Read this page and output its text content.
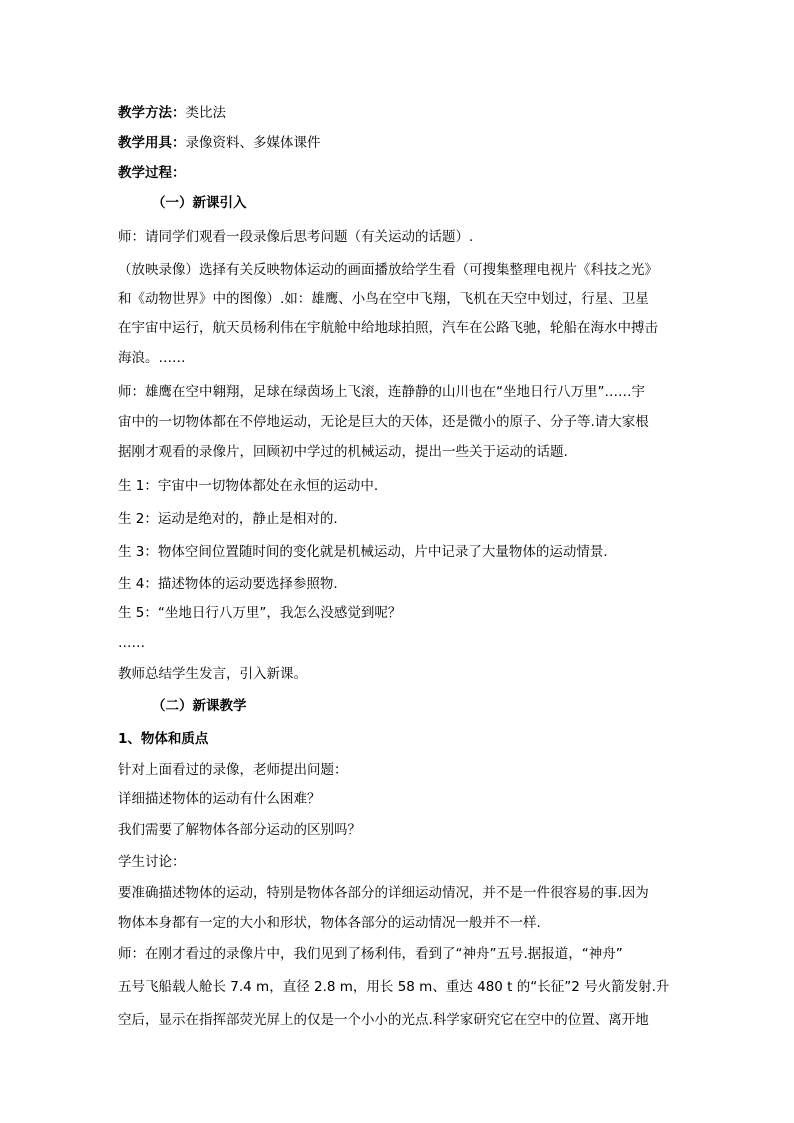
教学方法：类比法
教学用具：录像资料、多媒体课件
教学过程：
（一）新课引入
师：请同学们观看一段录像后思考问题（有关运动的话题）.
（放映录像）选择有关反映物体运动的画面播放给学生看（可搜集整理电视片《科技之光》
和《动物世界》中的图像）.如：雄鹰、小鸟在空中飞翔，飞机在天空中划过，行星、卫星
在宇宙中运行，航天员杨利伟在宇航舱中给地球拍照，汽车在公路飞驰，轮船在海水中搏击
海浪。……
师：雄鹰在空中翱翔，足球在绿茵场上飞滚，连静静的山川也在“坐地日行八万里”……宇
宙中的一切物体都在不停地运动，无论是巨大的天体，还是微小的原子、分子等.请大家根
据刚才观看的录像片，回顾初中学过的机械运动，提出一些关于运动的话题.
生 1：宇宙中一切物体都处在永恒的运动中.
生 2：运动是绝对的，静止是相对的.
生 3：物体空间位置随时间的变化就是机械运动，片中记录了大量物体的运动情景.
生 4：描述物体的运动要选择参照物.
生 5：“坐地日行八万里”，我怎么没感觉到呢？
……
教师总结学生发言，引入新课。
（二）新课教学
1、物体和质点
针对上面看过的录像，老师提出问题：
详细描述物体的运动有什么困难？
我们需要了解物体各部分运动的区别吗？
学生讨论：
要准确描述物体的运动，特别是物体各部分的详细运动情况，并不是一件很容易的事.因为
物体本身都有一定的大小和形状，物体各部分的运动情况一般并不一样.
师：在刚才看过的录像片中，我们见到了杨利伟，看到了“神舟”五号.据报道，“神舟”
五号飞船载人舱长 7.4 m，直径 2.8 m，用长 58 m、重达 480 t 的“长征”2 号火箭发射.升
空后，显示在指挥部荧光屏上的仅是一个小小的光点.科学家研究它在空中的位置、离开地
